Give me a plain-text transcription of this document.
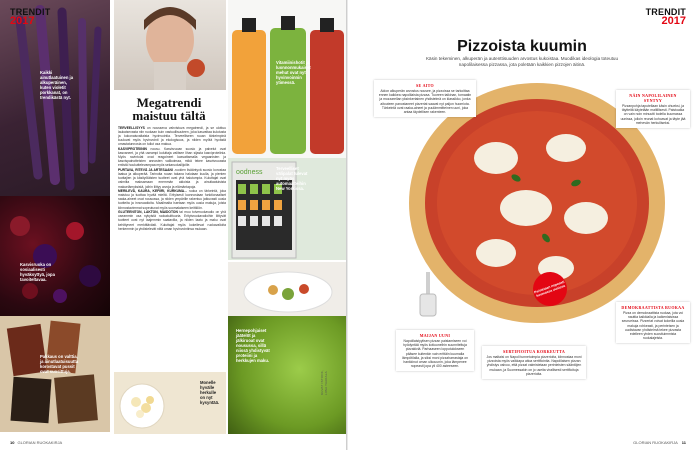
TRENDIT
2017
Kaikki ainutlaatuinen ja alkuperäinen, kuten violetit porkkanat, on trendikästä nyt.
Kasvisruoka on sosiaalisesti hyväksyttyä, jopa tavoiteltavaa.
Pakkaus on valttia, ja ainutlaatuisuutta korostavat pussit ovat suosittuja.
Megatrendi
maistuu tältä

TERVEELLISYYS on nousseva vahvistuva megatrendi, ja se ulottuu laukaisevasta niin ruokaan kuin vastuullisuuteen, joka kasvattaa kulutusta ja kokonaisvaltaista hyvinvointia. Terveelliseen ruuan tärkeimpinä kuuluvat myös hyvinvointi ja ekologisuus, ja niiden myötä hyvästä omastatunnosta on tullut osa makua.

KASVIPROTEIININ nousu. Kasvisruoan suosio ja palvelut ovat kasvaneet, ja yhä useampi kuluttaja valitsee lihan sijasta kasviproteiinia. Myös ravintolat ovat reagoineet kasvattamalla vegaanisten ja kasvispainotteisten annosten valikoimaa, mikä tekee kasvisruoasta entistä houkuttelevampaa myös sekaruokailijoille.

PURTAVA, RITEVÄ JA ARTESAANI -ruokien lisääntyvä suosio korostaa laatua ja alkuperää. Tarinoita ruoan takana halutaan kuulla, ja pienten tuottajien ja käsityöläisten tuotteet ovat yhä halutumpia. Kuluttajat ovat valmiita maksamaan enemmän aidoista ja ainutlaatuisista makuelämyksistä, joihin liittyy arvoja ja elämäntapoja.

MERILEVÄ, KAURA, KEFIIRI, KURKUMA... ruoka on tärkeintä, joka maistuu ja tuottaa hyvää mieltä. Erityisesti luonnostaan funktionaaliset raaka-aineet ovat nousussa, ja niiden ympärille rakentuu jatkuvasti uusia tuotteita ja innovaatioita. Maailmalta haetaan myös uusia makuja, joista kiinnostavimmat sopeutuvat myös suomalaiseen keittiöön.

GLUTEENITON, LAKTON, MAIDOTON tai muu toiveruokavalio on yhä useammin osa nykyistä ruokakulttuuria. Erityisruokavalioihin liittyvät tuotteet ovat nyt laajemmin saatavilla, ja niiden laatu ja maku ovat kehittyneet merkittävästi. Kuluttajat myös kokeilevat ruokavalioita herkemmin ja yhdistelevät niitä oman hyvinvointinsa mukaan.

Monelle hyvälle herkulle on nyt kysyntää.
Vitamiinishotit ja luonnonmukaiset mehut ovat nyt hyvinvoinnin ytimessä.
oodness
Terveelliset välipalat tulevat nyt myös automaatteihin New Yorkissa.
Hernepohjaiset jäätelöt ja jälkiruoat ovat nousussa, sillä niissä yhdistyvät proteiini ja herkkujen maku.
KUVAT ISTOCK, LIISA TAAKALA
10 GLORIAN RUOKAKIRJA
TRENDIT
2017
Pizzoista kuumin
Käsin tekeminen, alkuperän ja autenttisuuden arvostus kukoistaa. Muodikas ideologia toteutuu napolilaisessa pizzassa, jota poletään kaikkien pizzojen äitinä.
Paistetaan nopeasti kuumassa uunissa
SE AITO
Aidon alkuperän arvostus nousee, ja pizzoissa se tarkoittaa ennen kaikkea napolilaista pizzaa. Tuoreen taikinan, tomaatin ja mozzarellan yksinkertainen yhdistelmä on klassikko, jonka aitouteen panostaneet pizzeriat saavat nyt paljon huomiota. Tärkeintä ovat raaka-aineet ja puulämmitteinen uuni, joka antaa täydellisen rakenteen.
NÄIN NAPOLILAINEN SYNTYY
Pizzanpohja taputellaan käsin ohueksi, ja täytteitä käytetään maltillisesti. Paistoaika on vain noin minuutti todella kuumassa uunissa, jolloin reunat kohoavat ja täyte jää mehevän herkulliseksi.
MAIJAN UUNI
Napolilaistyylisen pizzan paistamiseen voi hyödyntää myös kotiuuneihin suunniteltuja pizzakiviä. Parhaaseen lopputulokseen pääsee kuitenkin vain erittäin kuumalla lämpötilalla, ja siksi moni pizzaharrastaja on hankkinut oman ulkouunin, joka lämpenee nopeasti jopa yli 400 asteeseen.
SERTIFIOITUA KORKEUTTA
Jos maltaisi on Napoli tunnetuimpia pizzerioita, kiinnostaa moni pizzoista myös vaikkapa aitoa sertifiointia. Napolilaisen pizzan yhdistys valvoo, että pizzat valmistetaan perinteisten sääntöjen mukaan, ja Suomessakin on jo useita virallisesti sertifioituja pizzerioita.
DEMOKRAATTISTA RUOKAA
Pizza on demokraattista ruokaa, jota voi nauttia kaikkialla ja kaikenlaisissa seurueissa. Pizzeriat voivat kokeilla uusia makuja rohkeasti, ja perinteisen ja uudistavan yhdistelmä tekee pizzasta edelleen yhden suosituimmista ruokalajeista.
GLORIAN RUOKAKIRJA 11
